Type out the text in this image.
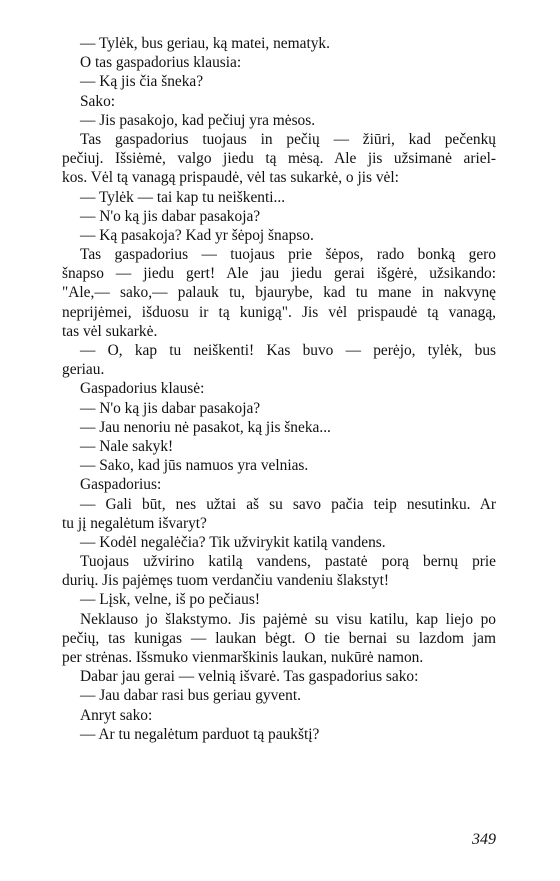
— Tylėk, bus geriau, ką matei, nematyk.
O tas gaspadorius klausia:
— Ką jis čia šneka?
Sako:
— Jis pasakojo, kad pečiuj yra mėsos.
Tas gaspadorius tuojaus in pečių — žiūri, kad pečenkų
pečiuj. Išsiėmė, valgo jiedu tą mėsą. Ale jis užsimanė ariel-
kos. Vėl tą vanagą prispaudė, vėl tas sukarkė, o jis vėl:
— Tylėk — tai kap tu neiškenti...
— N'o ką jis dabar pasakoja?
— Ką pasakoja? Kad yr šėpoj šnapso.
Tas gaspadorius — tuojaus prie šėpos, rado bonką gero
šnapso — jiedu gert! Ale jau jiedu gerai išgėrė, užsikando:
"Ale,— sako,— palauk tu, bjaurybe, kad tu mane in nakvynę
neprijėmei, išduosu ir tą kunigą". Jis vėl prispaudė tą vanagą,
tas vėl sukarkė.
— O, kap tu neiškenti! Kas buvo — perėjo, tylėk, bus
geriau.
Gaspadorius klausė:
— N'o ką jis dabar pasakoja?
— Jau nenoriu nė pasakot, ką jis šneka...
— Nale sakyk!
— Sako, kad jūs namuos yra velnias.
Gaspadorius:
— Gali būt, nes užtai aš su savo pačia teip nesutinku. Ar
tu jį negalėtum išvaryt?
— Kodėl negalėčia? Tik užvirykit katilą vandens.
Tuojaus užvirino katilą vandens, pastatė porą bernų prie
durių. Jis pajėmęs tuom verdančiu vandeniu šlakstyt!
— Lįsk, velne, iš po pečiaus!
Neklauso jo šlakstymo. Jis pajėmė su visu katilu, kap liejo po
pečių, tas kunigas — laukan bėgt. O tie bernai su lazdom jam
per strėnas. Išsmuko vienmarškinis laukan, nukūrė namon.
Dabar jau gerai — velnią išvarė. Tas gaspadorius sako:
— Jau dabar rasi bus geriau gyvent.
Anryt sako:
— Ar tu negalėtum parduot tą paukštį?
349
